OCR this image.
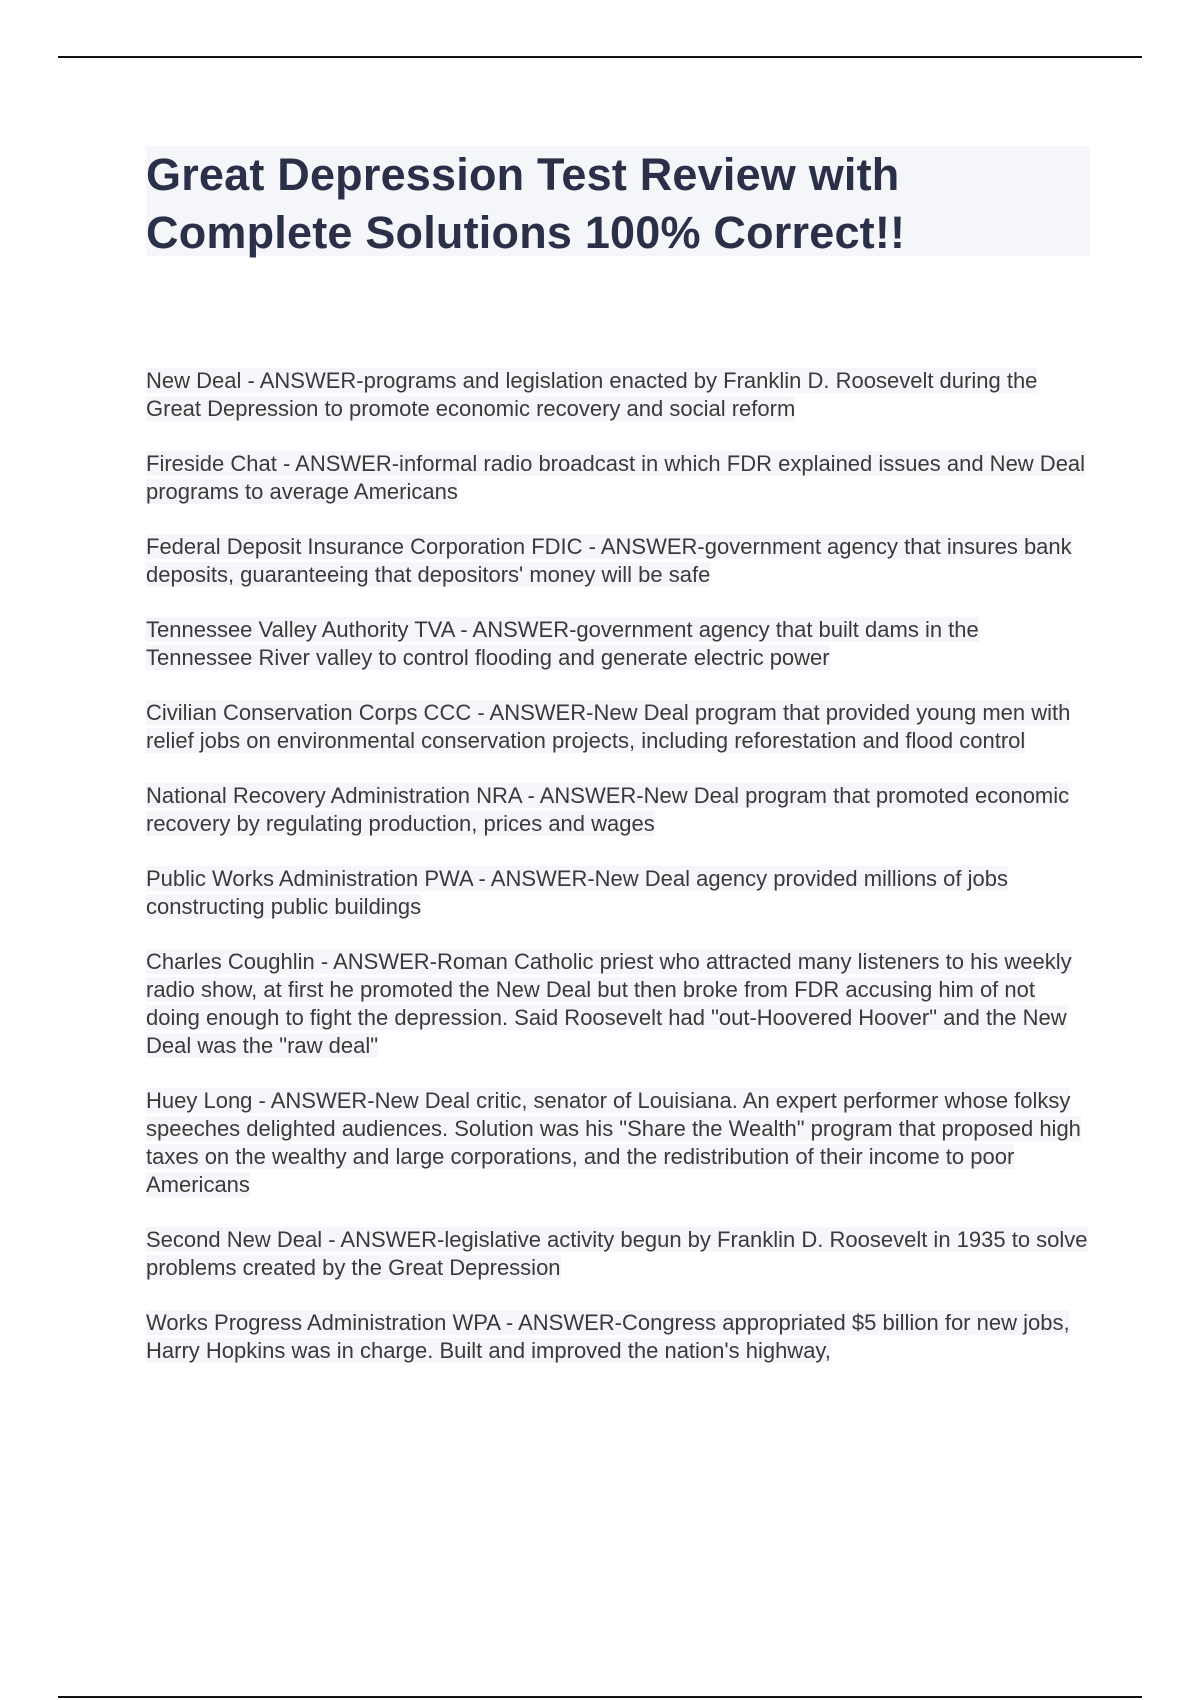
Great Depression Test Review with Complete Solutions 100% Correct!!

New Deal - ANSWER-programs and legislation enacted by Franklin D. Roosevelt during the Great Depression to promote economic recovery and social reform

Fireside Chat - ANSWER-informal radio broadcast in which FDR explained issues and New Deal programs to average Americans

Federal Deposit Insurance Corporation FDIC - ANSWER-government agency that insures bank deposits, guaranteeing that depositors' money will be safe

Tennessee Valley Authority TVA - ANSWER-government agency that built dams in the Tennessee River valley to control flooding and generate electric power

Civilian Conservation Corps CCC - ANSWER-New Deal program that provided young men with relief jobs on environmental conservation projects, including reforestation and flood control

National Recovery Administration NRA - ANSWER-New Deal program that promoted economic recovery by regulating production, prices and wages

Public Works Administration PWA - ANSWER-New Deal agency provided millions of jobs constructing public buildings

Charles Coughlin - ANSWER-Roman Catholic priest who attracted many listeners to his weekly radio show, at first he promoted the New Deal but then broke from FDR accusing him of not doing enough to fight the depression. Said Roosevelt had "out-Hoovered Hoover" and the New Deal was the "raw deal"

Huey Long - ANSWER-New Deal critic, senator of Louisiana. An expert performer whose folksy speeches delighted audiences. Solution was his "Share the Wealth" program that proposed high taxes on the wealthy and large corporations, and the redistribution of their income to poor Americans

Second New Deal - ANSWER-legislative activity begun by Franklin D. Roosevelt in 1935 to solve problems created by the Great Depression

Works Progress Administration WPA - ANSWER-Congress appropriated $5 billion for new jobs, Harry Hopkins was in charge. Built and improved the nation's highway,
